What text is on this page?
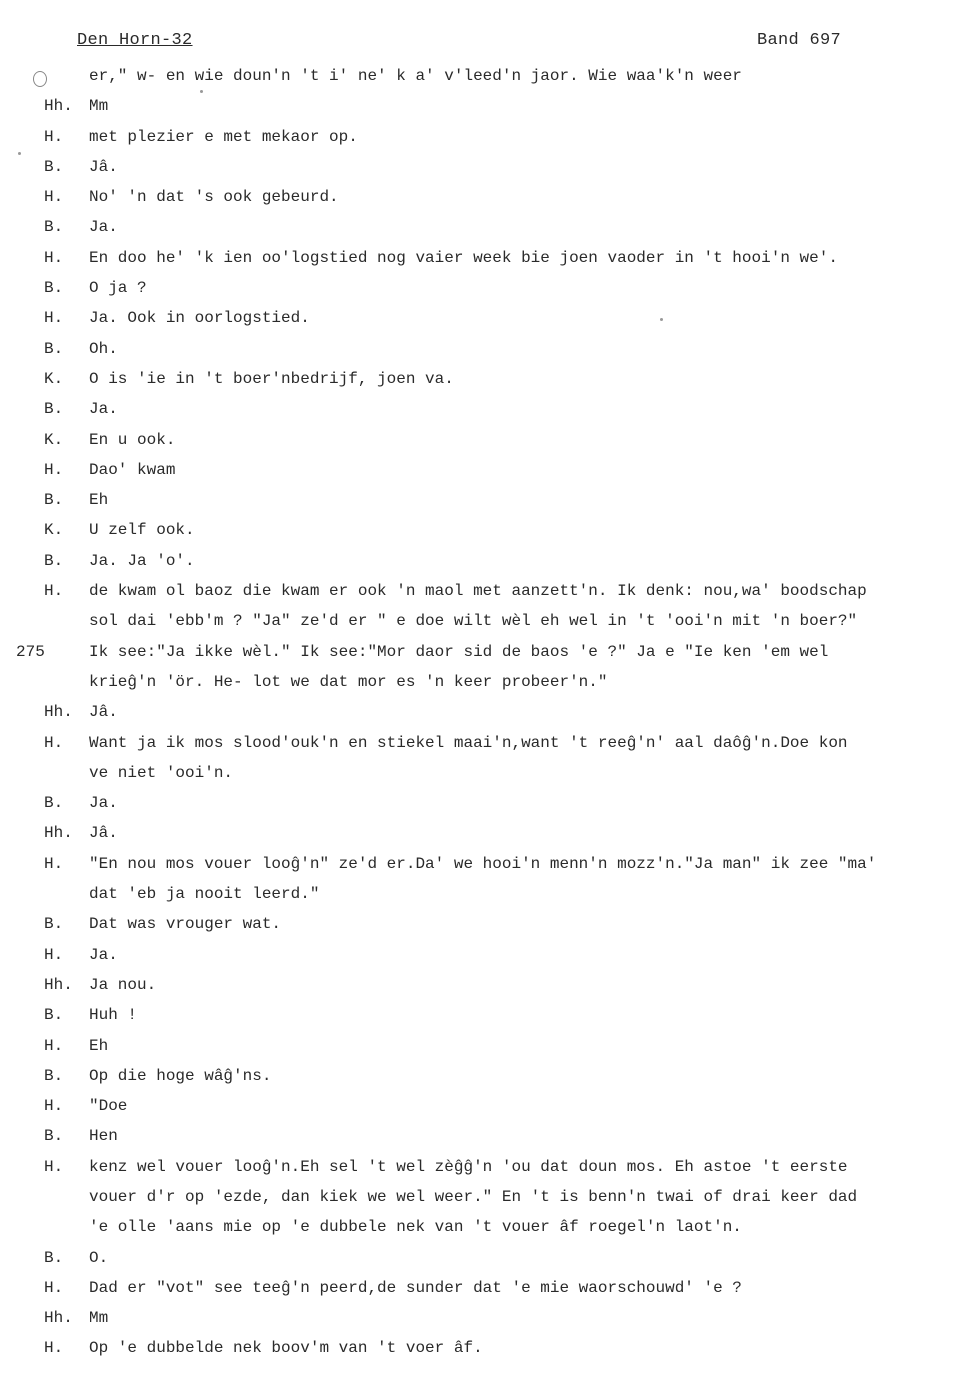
Den Horn-32	Band 697
er," w- en wie doun'n 't i' ne' k a' v'leed'n jaor. Wie waa'k'n weer
Hh. Mm
H. met plezier e met mekaor op.
B. Jâ.
H. No' 'n dat 's ook gebeurd.
B. Ja.
H. En doo he' 'k ien oo'logstied nog vaier week bie joen vaoder in 't hooi'n we'.
B. O ja ?
H. Ja. Ook in oorlogstied.
B. Oh.
K. O is 'ie in 't boer'nbedrijf, joen va.
B. Ja.
K. En u ook.
H. Dao' kwam
B. Eh
K. U zelf ook.
B. Ja. Ja 'o'.
H. de kwam ol baoz die kwam er ook 'n maol met aanzett'n. Ik denk: nou,wa' boodschap
sol dai 'ebb'm ? "Ja" ze'd er " e doe wilt wèl eh wel in 't 'ooi'n mit 'n boer?"
275	Ik see:"Ja ikke wèl." Ik see:"Mor daor sid de baos 'e ?" Ja e "Ie ken 'em wel
krieĝ'n 'ör. He- lot we dat mor es 'n keer probeer'n."
Hh. Jâ.
H. Want ja ik mos slood'ouk'n en stiekel maai'n,want 't reeĝ'n' aal daôĝ'n.Doe kon
ve niet 'ooi'n.
B. Ja.
Hh. Jâ.
H. "En nou mos vouer looĝ'n" ze'd er.Da' we hooi'n menn'n mozz'n."Ja man" ik zee "ma'
dat 'eb ja nooit leerd."
B. Dat was vrouger wat.
H. Ja.
Hh. Ja nou.
B. Huh !
H. Eh
B. Op die hoge wâĝ'ns.
H. "Doe
B. Hen
H. kenz wel vouer looĝ'n.Eh sel 't wel zèĝĝ'n 'ou dat doun mos. Eh astoe 't eerste
vouer d'r op 'ezde, dan kiek we wel weer." En 't is benn'n twai of drai keer dad
'e olle 'aans mie op 'e dubbele nek van 't vouer âf roegel'n laot'n.
B. O.
H. Dad er "vot" see teeĝ'n peerd,de sunder dat 'e mie waorschouwd' 'e ?
Hh. Mm
H. Op 'e dubbelde nek boov'm van 't voer âf.
